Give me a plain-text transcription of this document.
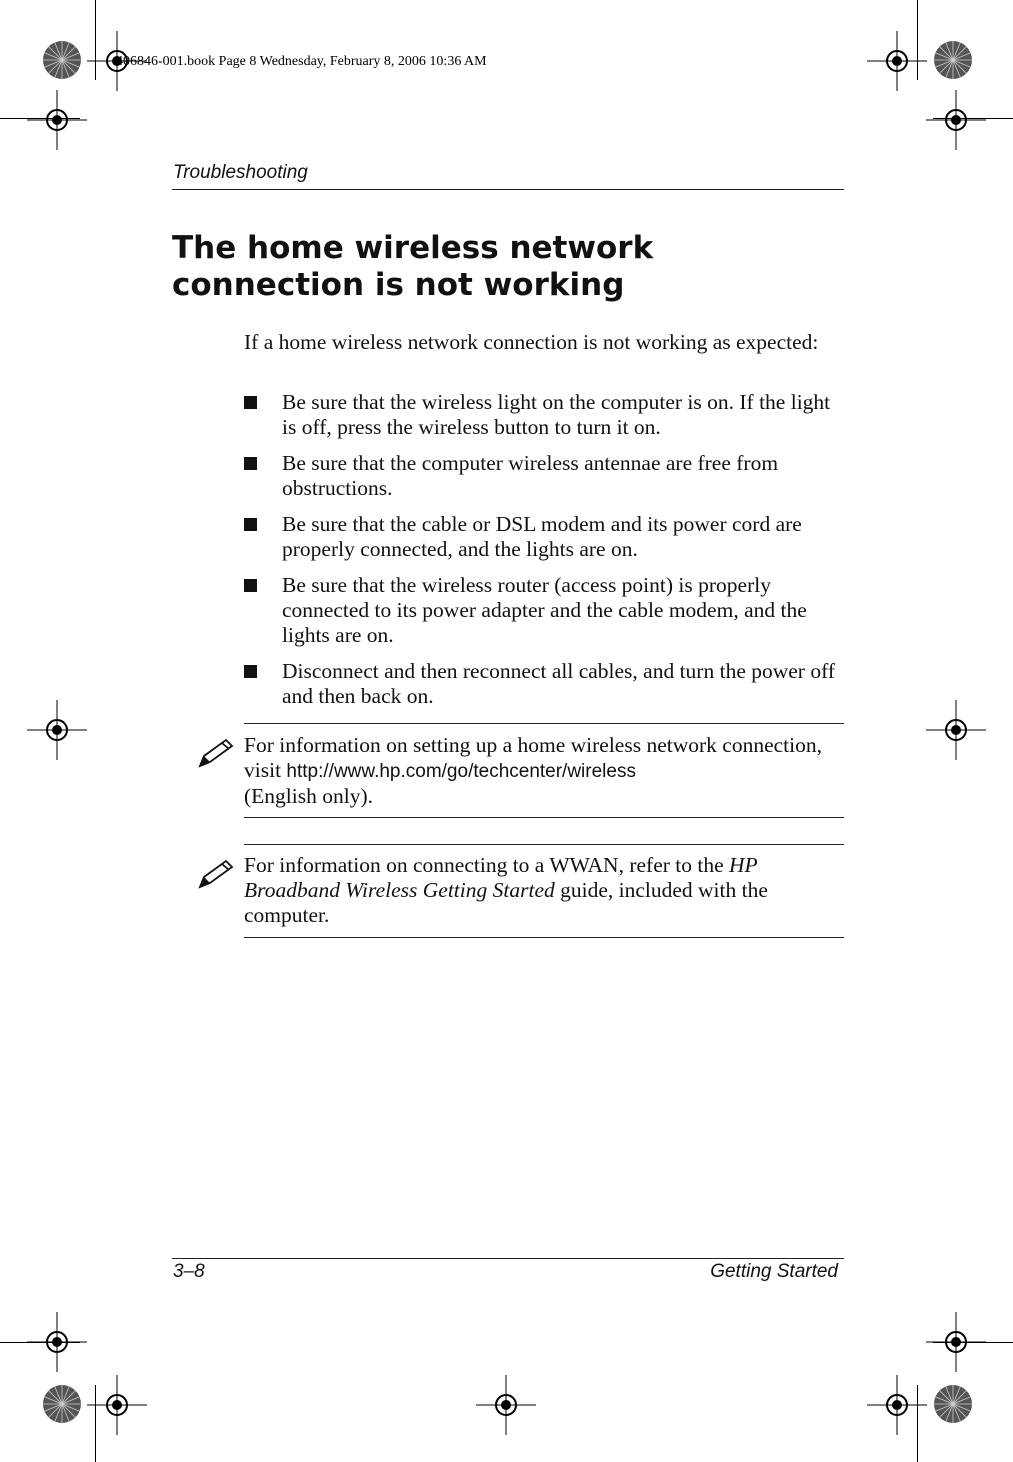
406846-001.book Page 8 Wednesday, February 8, 2006 10:36 AM
Troubleshooting
The home wireless network connection is not working
If a home wireless network connection is not working as expected:
Be sure that the wireless light on the computer is on. If the light is off, press the wireless button to turn it on.
Be sure that the computer wireless antennae are free from obstructions.
Be sure that the cable or DSL modem and its power cord are properly connected, and the lights are on.
Be sure that the wireless router (access point) is properly connected to its power adapter and the cable modem, and the lights are on.
Disconnect and then reconnect all cables, and turn the power off and then back on.
For information on setting up a home wireless network connection, visit http://www.hp.com/go/techcenter/wireless
(English only).
For information on connecting to a WWAN, refer to the HP Broadband Wireless Getting Started guide, included with the computer.
3–8	Getting Started
